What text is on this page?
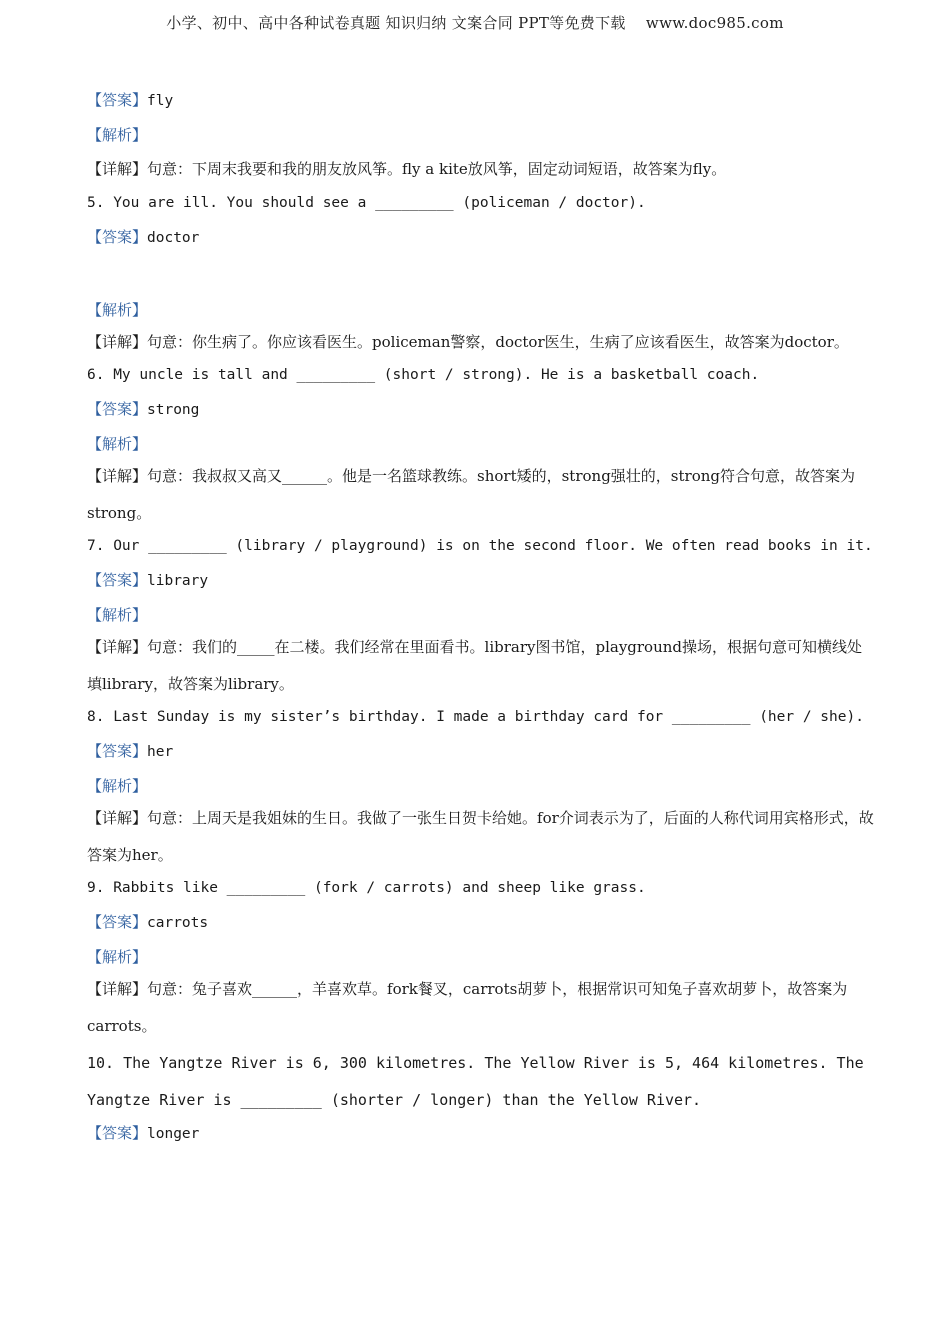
小学、初中、高中各种试卷真题 知识归纳 文案合同 PPT等免费下载    www.doc985.com

【答案】fly

【解析】

【详解】句意：下周末我要和我的朋友放风筝。fly a kite放风筝，固定动词短语，故答案为fly。

5. You are ill. You should see a _________ (policeman / doctor).

【答案】doctor

【解析】

【详解】句意：你生病了。你应该看医生。policeman警察，doctor医生，生病了应该看医生，故答案为doctor。

6. My uncle is tall and _________ (short / strong). He is a basketball coach.

【答案】strong

【解析】

【详解】句意：我叔叔又高又______。他是一名篮球教练。short矮的，strong强壮的，strong符合句意，故答案为strong。

7. Our _________ (library / playground) is on the second floor. We often read books in it.

【答案】library

【解析】

【详解】句意：我们的_____在二楼。我们经常在里面看书。library图书馆，playground操场，根据句意可知横线处填library，故答案为library。

8. Last Sunday is my sister’s birthday. I made a birthday card for _________ (her / she).

【答案】her

【解析】

【详解】句意：上周天是我姐妹的生日。我做了一张生日贺卡给她。for介词表示为了，后面的人称代词用宾格形式，故答案为her。

9. Rabbits like _________ (fork / carrots) and sheep like grass.

【答案】carrots

【解析】

【详解】句意：兔子喜欢______，羊喜欢草。fork餐叉，carrots胡萝卜，根据常识可知兔子喜欢胡萝卜，故答案为carrots。

10. The Yangtze River is 6, 300 kilometres. The Yellow River is 5, 464 kilometres. The

Yangtze River is _________ (shorter / longer) than the Yellow River.

【答案】longer
